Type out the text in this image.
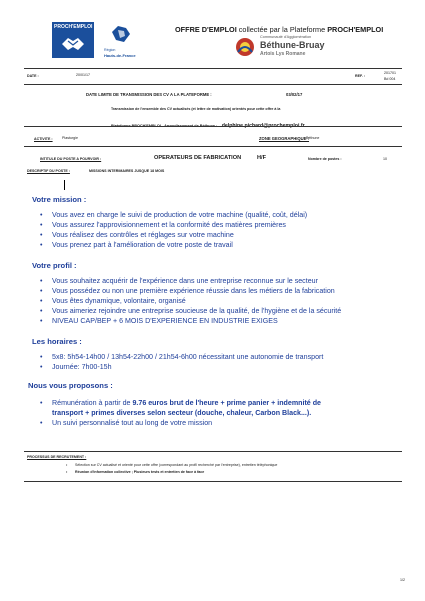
PROCH'EMPLOI
Région
Hauts-de-France
OFFRE D'EMPLOI collectée par la Plateforme PROCH'EMPLOI
Communauté d'Agglomération
Béthune-Bruay
Artois Lys Romane
DATE :	20/01/17	REF. :
201701
Bd 004
DATE LIMITE DE TRANSMISSION DES CV A LA PLATEFORME :	03/02/17
Transmission de l'ensemble des CV actualisés (et lettre de motivation) orientés pour cette offre à la
Plateforme PROCH'EMPLOI - Arrondissement de Béthune : delphine.pichard@prochemploi.fr
ACTIVITE :	Plasturgie	ZONE GEOGRAPHIQUE :
Béthune
INTITULE DU POSTE A POURVOIR :	OPERATEURS DE FABRICATION	H/F	Nombre de postes :	10
DESCRIPTIF DU POSTE :	MISSIONS INTERIMAIRES JUSQUE 18 MOIS
Votre mission :
• Vous avez en charge le suivi de production de votre machine (qualité, coût, délai)
• Vous assurez l'approvisionnement et la conformité des matières premières
• Vous réalisez des contrôles et réglages sur votre machine
• Vous prenez part à l'amélioration de votre poste de travail
Votre profil :
• Vous souhaitez acquérir de l'expérience dans une entreprise reconnue sur le secteur
• Vous possédez ou non une première expérience réussie dans les métiers de la fabrication
• Vous êtes dynamique, volontaire, organisé
• Vous aimeriez rejoindre une entreprise soucieuse de la qualité, de l'hygiène et de la sécurité
• NIVEAU CAP/BEP + 6 MOIS D'EXPERIENCE EN INDUSTRIE EXIGES
Les horaires :
• 5x8: 5h54-14h00 / 13h54-22h00 / 21h54-6h00 nécessitant une autonomie de transport
• Journée: 7h00-15h
Nous vous proposons :
• Rémunération à partir de 9.76 euros brut de l'heure + prime panier + indemnité de
transport + primes diverses selon secteur (douche, chaleur, Carbon Black...).
• Un suivi personnalisé tout au long de votre mission
PROCESSUS DE RECRUTEMENT :
• Sélection sur CV actualisé et orienté pour cette offre (correspondant au profil recherché par l'entreprise), entretien téléphonique
• Réunion d'information collective ; Plusieurs tests et entretien de face à face
1/2
